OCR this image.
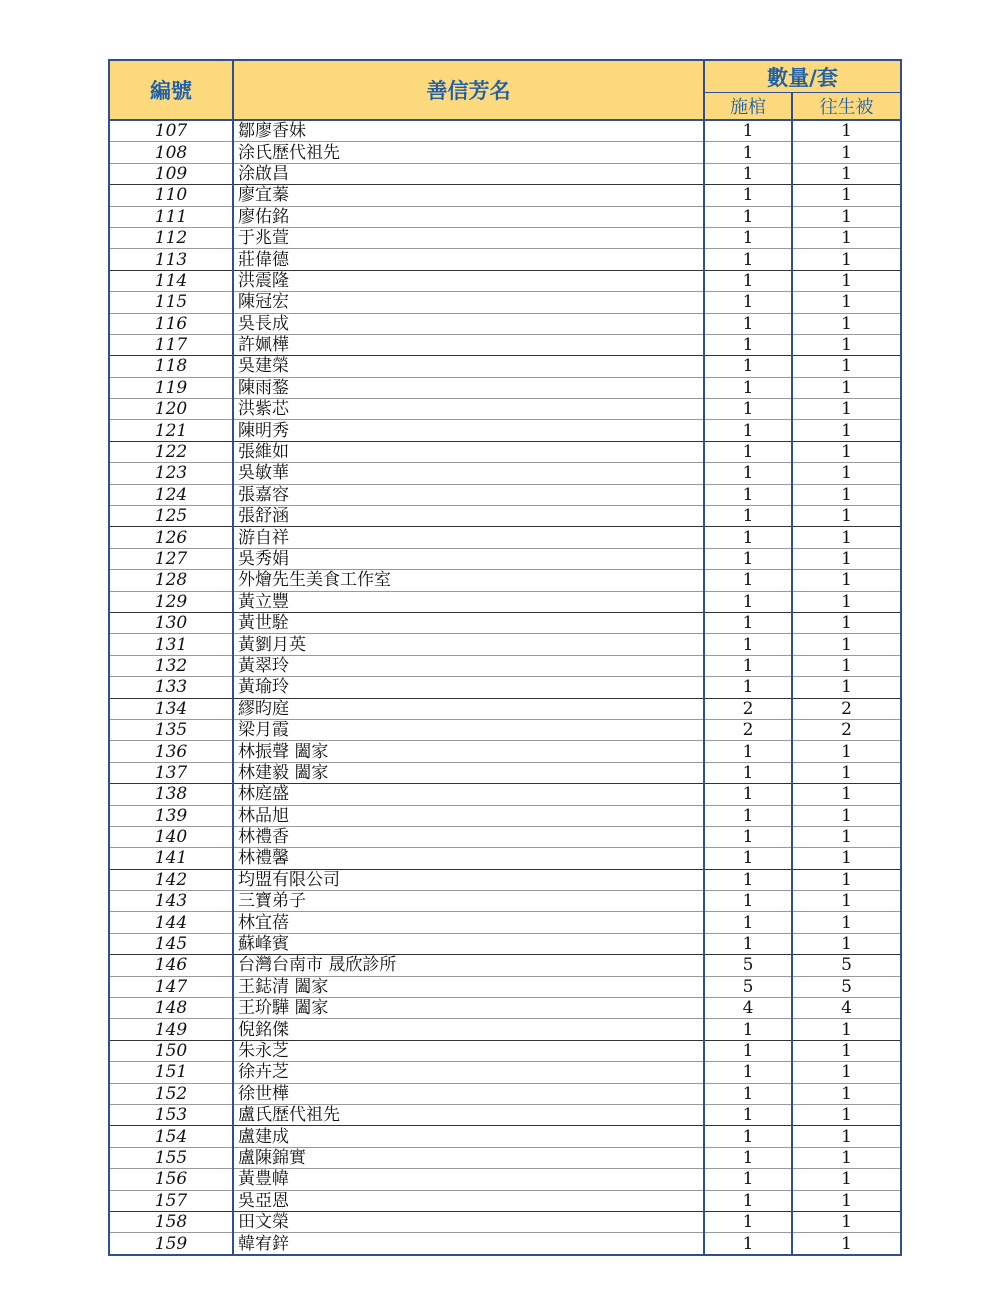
編號	善信芳名	數量/套	
		施棺	往生被
107	鄒廖香妹	1	1
108	涂氏歷代祖先	1	1
109	涂啟昌	1	1
110	廖宜蓁	1	1
111	廖佑銘	1	1
112	于兆萱	1	1
113	莊偉德	1	1
114	洪震隆	1	1
115	陳冠宏	1	1
116	吳長成	1	1
117	許姵樺	1	1
118	吳建榮	1	1
119	陳雨鍪	1	1
120	洪紫芯	1	1
121	陳明秀	1	1
122	張維如	1	1
123	吳敏華	1	1
124	張嘉容	1	1
125	張舒涵	1	1
126	游自祥	1	1
127	吳秀娟	1	1
128	外燴先生美食工作室	1	1
129	黃立豐	1	1
130	黃世駩	1	1
131	黃劉月英	1	1
132	黃翠玲	1	1
133	黃瑜玲	1	1
134	繆昀庭	2	2
135	梁月霞	2	2
136	林振聲 闔家	1	1
137	林建毅 闔家	1	1
138	林庭盛	1	1
139	林品旭	1	1
140	林禮香	1	1
141	林禮馨	1	1
142	均盟有限公司	1	1
143	三寶弟子	1	1
144	林宜蓓	1	1
145	蘇峰賓	1	1
146	台灣台南市 晟欣診所	5	5
147	王鋕清 闔家	5	5
148	王玠驊 闔家	4	4
149	倪銘傑	1	1
150	朱永芝	1	1
151	徐卉芝	1	1
152	徐世樺	1	1
153	盧氏歷代祖先	1	1
154	盧建成	1	1
155	盧陳錦實	1	1
156	黃豊幃	1	1
157	吳亞恩	1	1
158	田文榮	1	1
159	韓宥鋅	1	1
